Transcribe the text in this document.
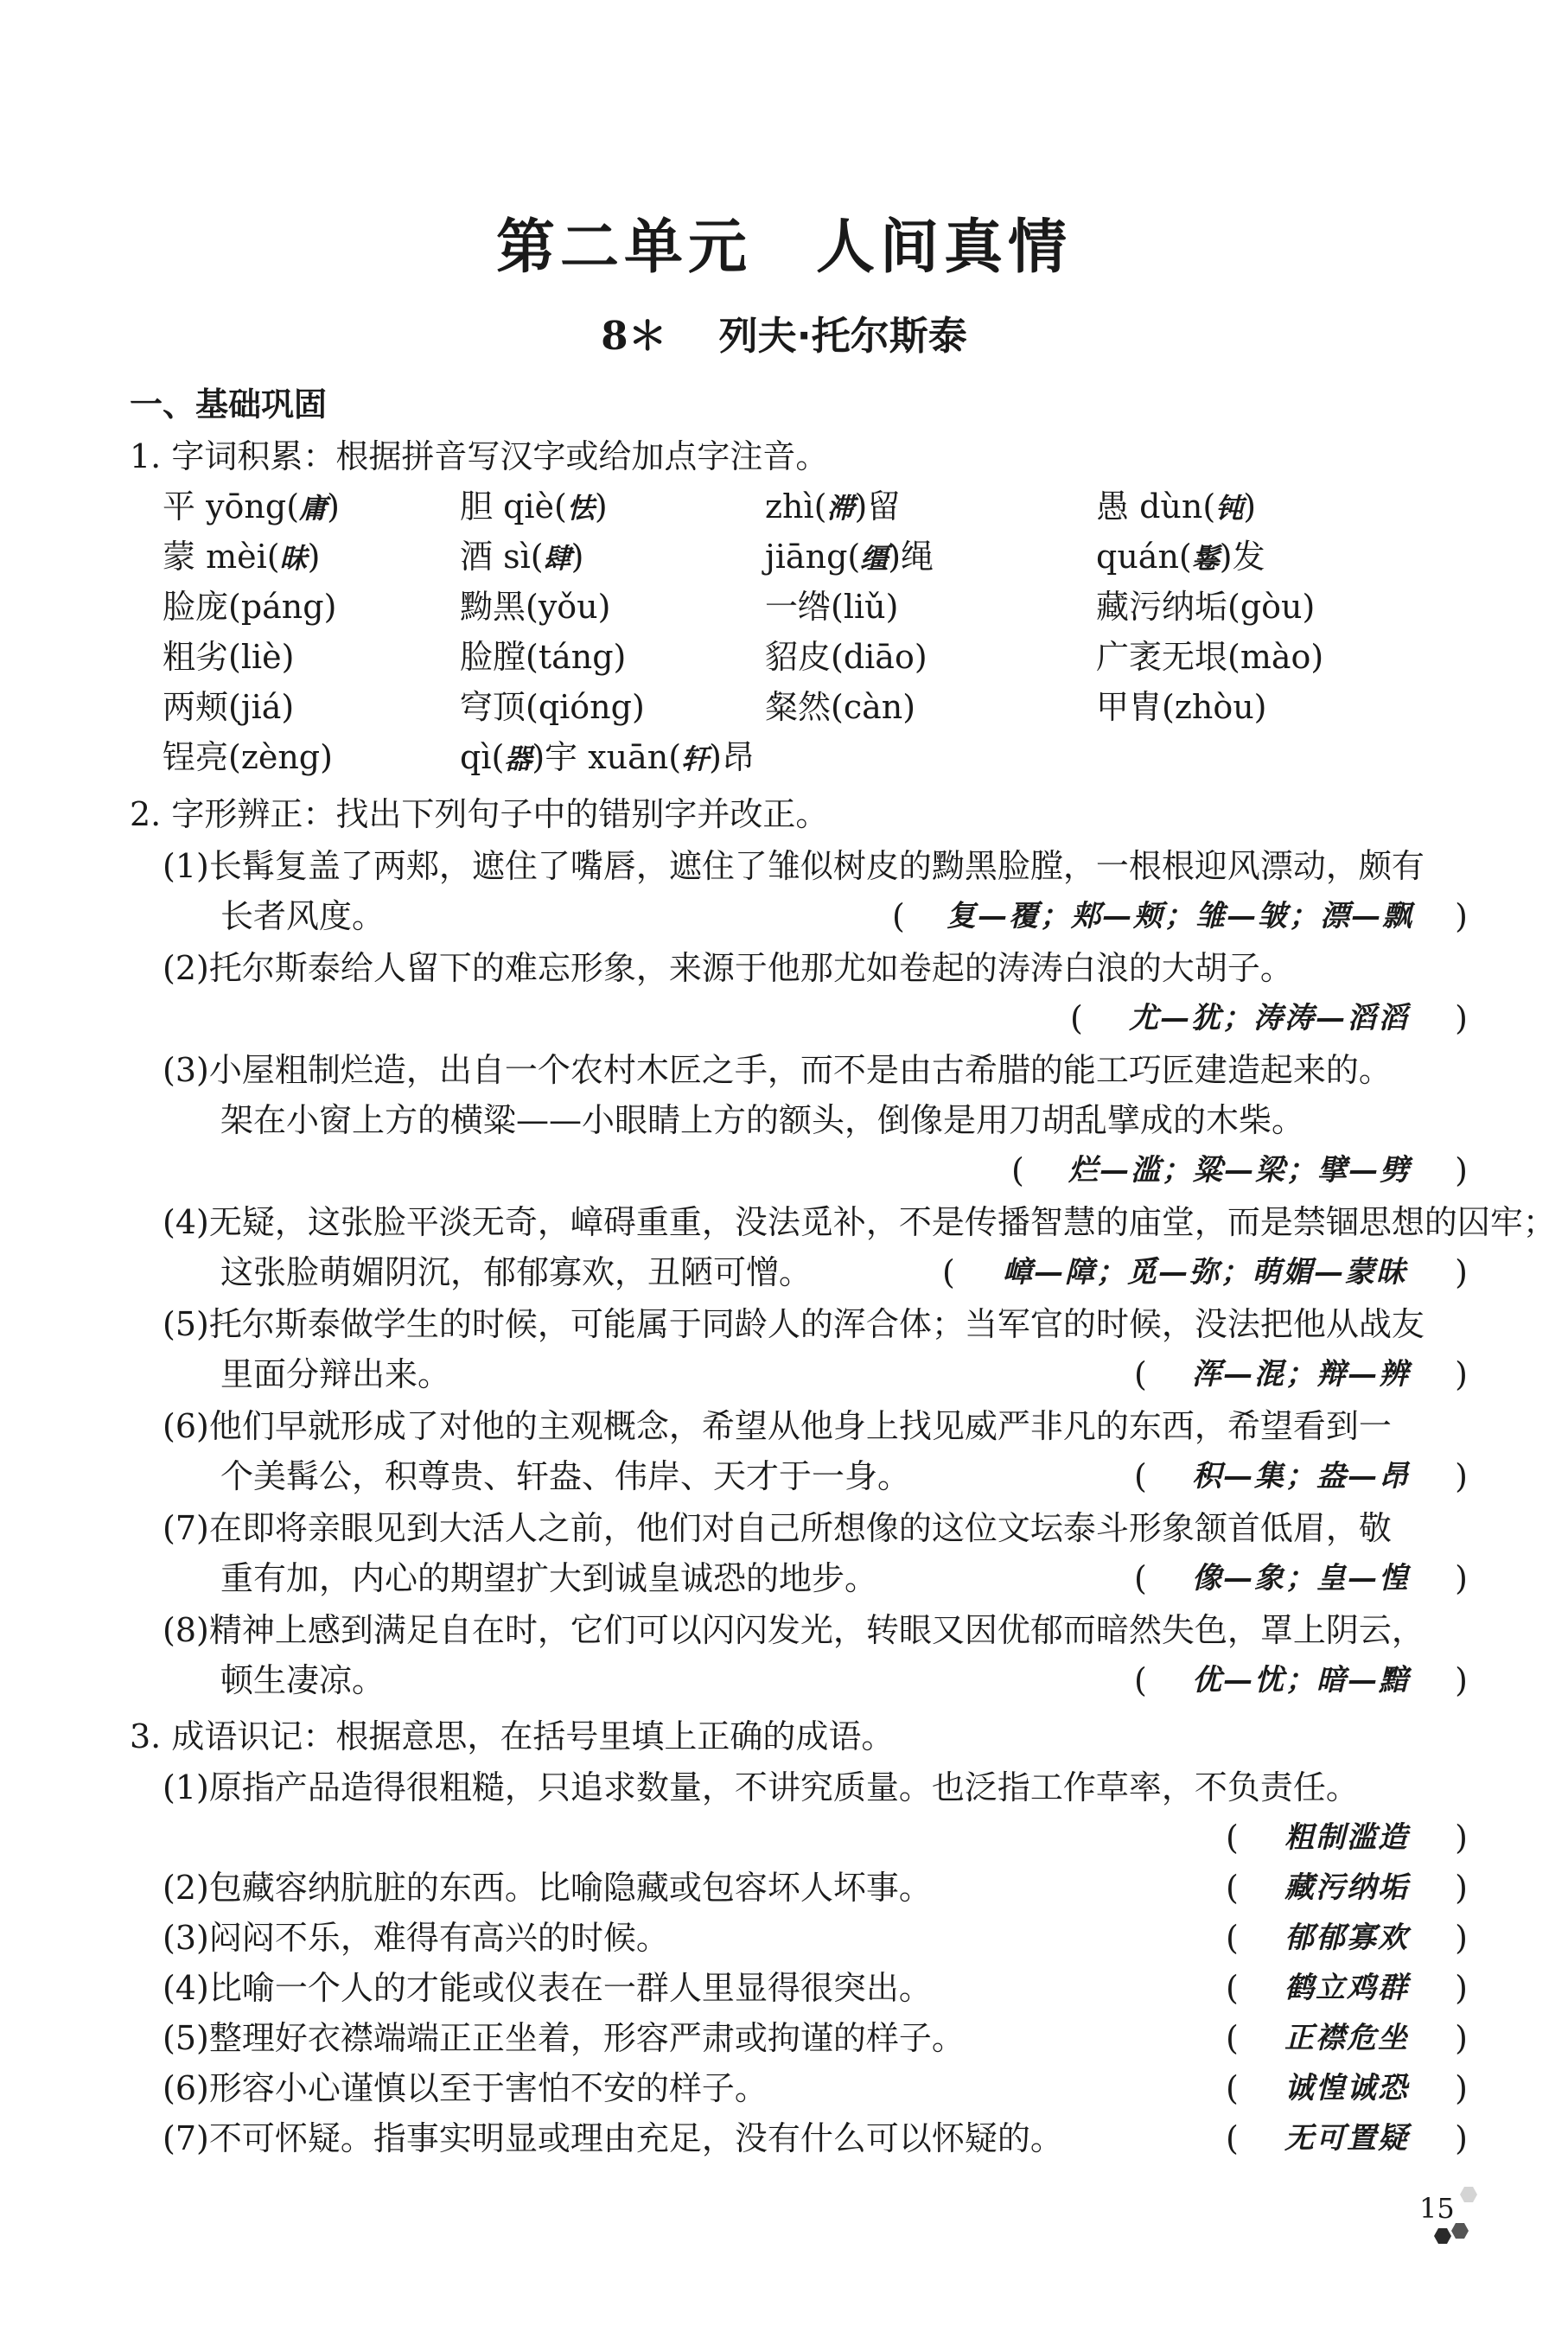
第二单元　人间真情
8＊ 列夫·托尔斯泰
一、基础巩固
1. 字词积累：根据拼音写汉字或给加点字注音。
平 yōng(庸)	胆 qiè(怯)	zhì(滞)留	愚 dùn(钝)
蒙 mèi(昧)	酒 sì(肆)	jiāng(缰)绳	quán(鬈)发
脸庞(páng)	黝黑(yǒu)	一绺(liǔ)	藏污纳垢(gòu)
粗劣(liè)	脸膛(táng)	貂皮(diāo)	广袤无垠(mào)
两颊(jiá)	穹顶(qióng)	粲然(càn)	甲胄(zhòu)
锃亮(zèng)	qì(器)宇 xuān(轩)昂
2. 字形辨正：找出下列句子中的错别字并改正。
(1)长髯复盖了两郏，遮住了嘴唇，遮住了雏似树皮的黝黑脸膛，一根根迎风漂动，颇有
长者风度。	(	复—覆；郏—颊；雏—皱；漂—飘	)
(2)托尔斯泰给人留下的难忘形象，来源于他那尤如卷起的涛涛白浪的大胡子。
(	尤—犹；涛涛—滔滔	)
(3)小屋粗制烂造，出自一个农村木匠之手，而不是由古希腊的能工巧匠建造起来的。
架在小窗上方的横粱——小眼睛上方的额头，倒像是用刀胡乱擘成的木柴。
(	烂—滥；粱—梁；擘—劈	)
(4)无疑，这张脸平淡无奇，嶂碍重重，没法觅补，不是传播智慧的庙堂，而是禁锢思想的囚牢；
这张脸萌媚阴沉，郁郁寡欢，丑陋可憎。	(	嶂—障；觅—弥；萌媚—蒙昧	)
(5)托尔斯泰做学生的时候，可能属于同龄人的浑合体；当军官的时候，没法把他从战友
里面分辩出来。	(	浑—混；辩—辨	)
(6)他们早就形成了对他的主观概念，希望从他身上找见威严非凡的东西，希望看到一
个美髯公，积尊贵、轩盎、伟岸、天才于一身。	(	积—集；盎—昂	)
(7)在即将亲眼见到大活人之前，他们对自己所想像的这位文坛泰斗形象颔首低眉，敬
重有加，内心的期望扩大到诚皇诚恐的地步。	(	像—象；皇—惶	)
(8)精神上感到满足自在时，它们可以闪闪发光，转眼又因优郁而暗然失色，罩上阴云，
顿生凄凉。	(	优—忧；暗—黯	)
3. 成语识记：根据意思，在括号里填上正确的成语。
(1)原指产品造得很粗糙，只追求数量，不讲究质量。也泛指工作草率，不负责任。
(	粗制滥造	)
(2)包藏容纳肮脏的东西。比喻隐藏或包容坏人坏事。	(	藏污纳垢	)
(3)闷闷不乐，难得有高兴的时候。	(	郁郁寡欢	)
(4)比喻一个人的才能或仪表在一群人里显得很突出。	(	鹤立鸡群	)
(5)整理好衣襟端端正正坐着，形容严肃或拘谨的样子。	(	正襟危坐	)
(6)形容小心谨慎以至于害怕不安的样子。	(	诚惶诚恐	)
(7)不可怀疑。指事实明显或理由充足，没有什么可以怀疑的。	(	无可置疑	)
15
